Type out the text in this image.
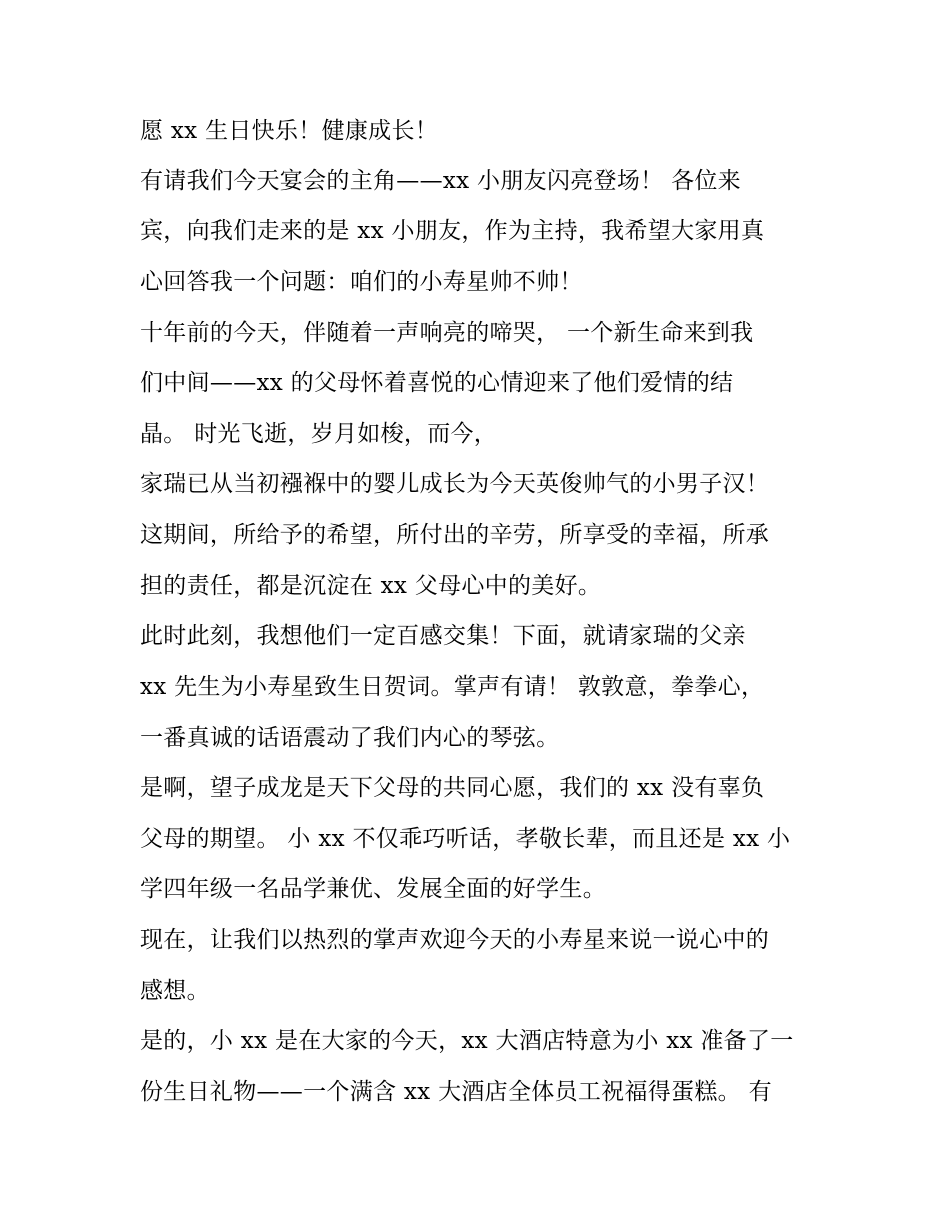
愿 xx 生日快乐！健康成长！
有请我们今天宴会的主角——xx 小朋友闪亮登场！ 各位来
宾，向我们走来的是 xx 小朋友，作为主持，我希望大家用真
心回答我一个问题：咱们的小寿星帅不帅！
十年前的今天，伴随着一声响亮的啼哭， 一个新生命来到我
们中间——xx 的父母怀着喜悦的心情迎来了他们爱情的结
晶。 时光飞逝，岁月如梭，而今，
家瑞已从当初襁褓中的婴儿成长为今天英俊帅气的小男子汉！
这期间，所给予的希望，所付出的辛劳，所享受的幸福，所承
担的责任，都是沉淀在 xx 父母心中的美好。
此时此刻，我想他们一定百感交集！下面，就请家瑞的父亲
xx 先生为小寿星致生日贺词。掌声有请！ 敦敦意，拳拳心，
一番真诚的话语震动了我们内心的琴弦。
是啊，望子成龙是天下父母的共同心愿，我们的 xx 没有辜负
父母的期望。 小 xx 不仅乖巧听话，孝敬长辈，而且还是 xx 小
学四年级一名品学兼优、发展全面的好学生。
现在，让我们以热烈的掌声欢迎今天的小寿星来说一说心中的
感想。
是的，小 xx 是在大家的今天，xx 大酒店特意为小 xx 准备了一
份生日礼物——一个满含 xx 大酒店全体员工祝福得蛋糕。 有
